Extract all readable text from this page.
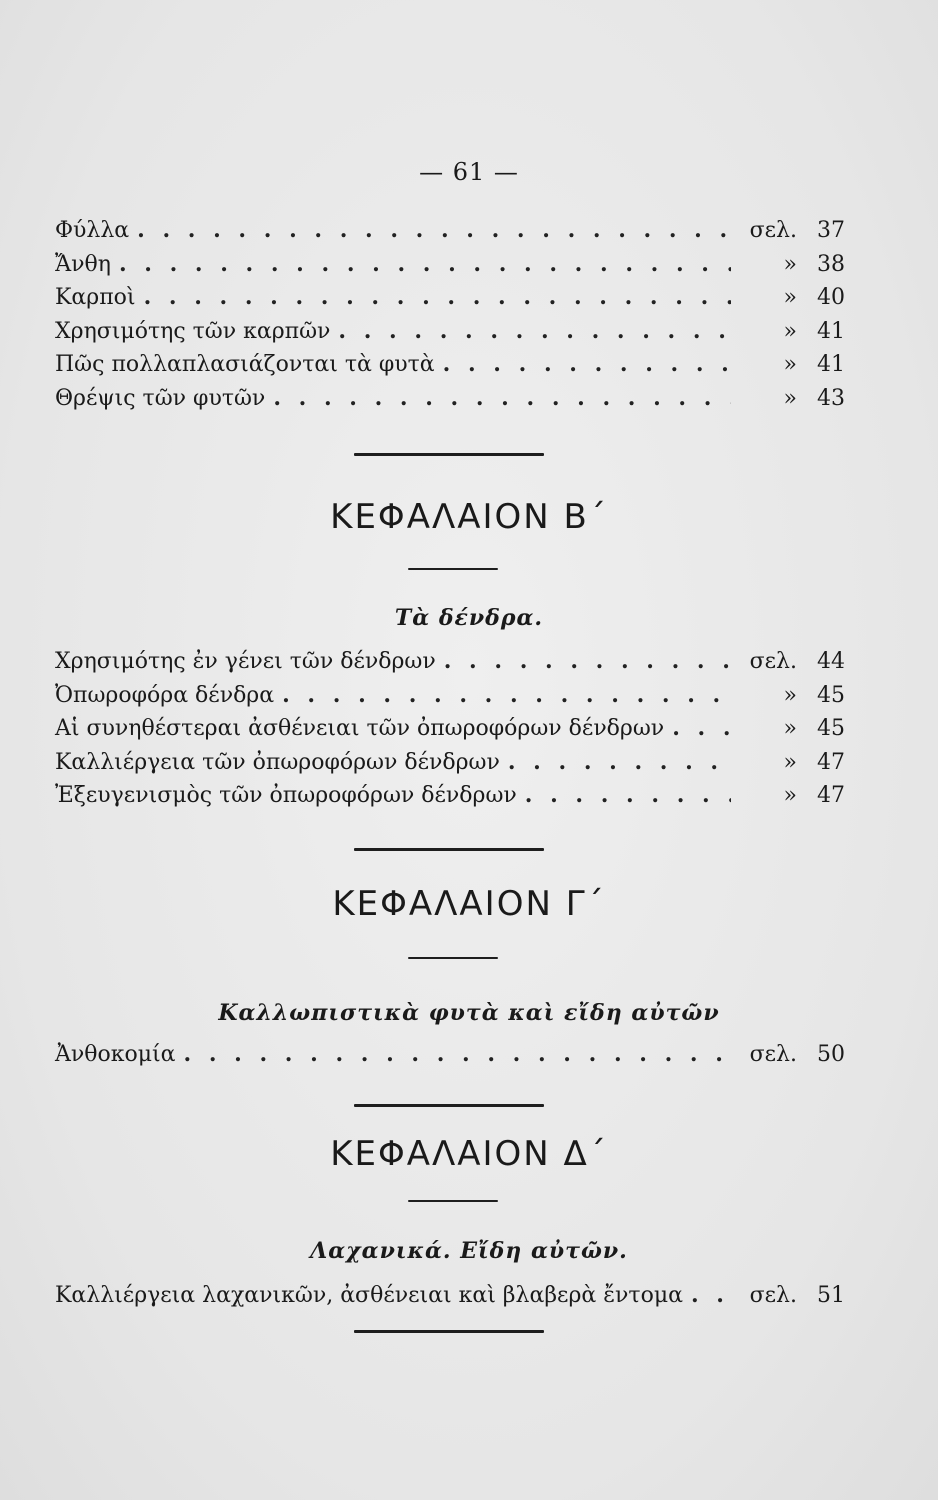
— 61 —
Φύλλα . . .	σελ. 37
Ἄνθη . . .	» 38
Καρποὶ . . .	» 40
Χρησιμότης τῶν καρπῶν . . .	» 41
Πῶς πολλαπλασιάζονται τὰ φυτὰ . . .	» 41
Θρέψις τῶν φυτῶν . . .	» 43
ΚΕΦΑΛΑΙΟΝ Β΄
Τὰ δένδρα.
Χρησιμότης ἐν γένει τῶν δένδρων . . .	σελ. 44
Ὀπωροφόρα δένδρα . . .	» 45
Αἱ συνηθέστεραι ἀσθένειαι τῶν ὀπωροφόρων δένδρων . . .	» 45
Καλλιέργεια τῶν ὀπωροφόρων δένδρων . . .	» 47
Ἐξευγενισμὸς τῶν ὀπωροφόρων δένδρων . . .	» 47
ΚΕΦΑΛΑΙΟΝ Γ΄
Καλλωπιστικὰ φυτὰ καὶ εἴδη αὐτῶν
Ἀνθοκομία . . .	σελ. 50
ΚΕΦΑΛΑΙΟΝ Δ΄
Λαχανικά. Εἴδη αὐτῶν.
Καλλιέργεια λαχανικῶν, ἀσθένειαι καὶ βλαβερὰ ἔντομα . . .	σελ. 51
